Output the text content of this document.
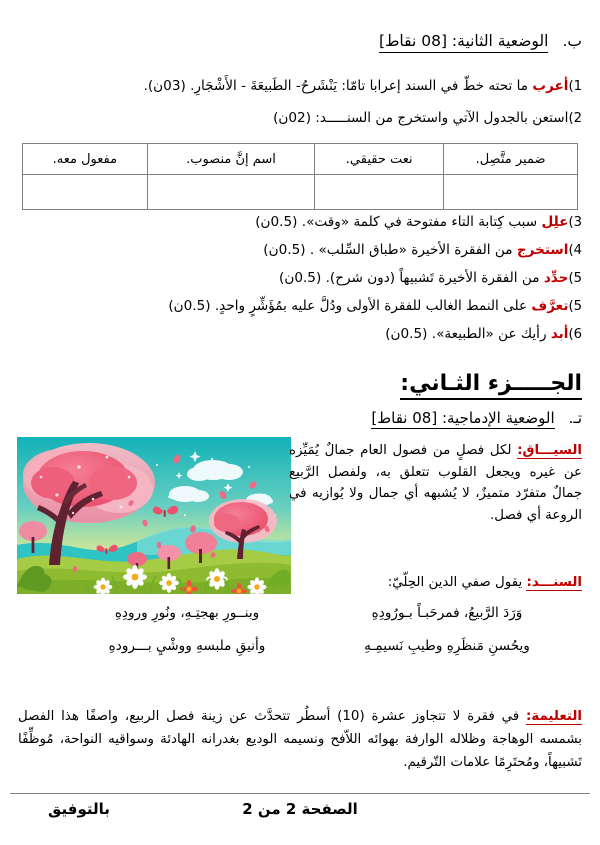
ب.الوضعية الثانية: [08 نقاط]
1)أعرب ما تحته خطّ في السند إعرابا تامّا: يَنْشَرحُ- الطَبيعَةَ - الأَشْجَارِ. (03ن).
2)استعن بالجدول الآتي واستخرج من السنـــــد: (02ن)
ضمير متَّصِل.	نعت حقيقي.	اسم إنَّ منصوب.	مفعول معه.

3)علِل سبب كِتابة التاء مفتوحة في كلمة «وقت». (0.5ن)
4)استخرج من الفقرة الأخيرة «طباق السِّلب» . (0.5ن)
5)حدِّد من الفقرة الأخيرة تَشبيهاً (دون شرح). (0.5ن)
5)تعرَّف على النمط الغالب للفقرة الأولى ودُلَّ عليه بمُؤَشِّرٍ واحدٍ. (0.5ن)
6)أبد رأيك عن «الطبيعة». (0.5ن)
الجـــــزء الثـاني:
تـ.الوضعية الإدماجية: [08 نقاط]
السيـــاق: لكل فصلٍ من فصول العام جمالٌ يُمَيِّزه عن غيره ويجعل القلوب تتعلق به، ولفصل الرَّبيع جمالٌ متفرّد متميزٌ، لا يُشبهه أي جمال ولا يُوازيه في الروعة أي فصل.
السنـــد: يقول صفي الدين الحِلّيّ:
وَرَدَ الرَّبيعُ، فمرحَبـاً بـورُودِهِ
وبنــورِ بهجتِـهِ، ونُورِ ورودِهِ
ويحُسنِ مَنظَرِهِ وطيبِ نَسيمِـهِ
وأنيقِ ملبسهِ ووشْيِ بـــرودهِ
التعليمة: في فقرة لا تتجاوز عشرة (10) أسطُر تتحدَّث عن زينة فصل الربيع، واصفًا هذا الفصل بشمسه الوهاجة وظلاله الوارفة بهوائه اللاّفح ونسيمه الوديع بغدرانه الهادئة وسواقيه النواحة، مُوظِّفًا تَشبيهاً، ومُحتَرِمًا علامات التّرقيم.
الصفحة 2 من 2
بالتوفيق
